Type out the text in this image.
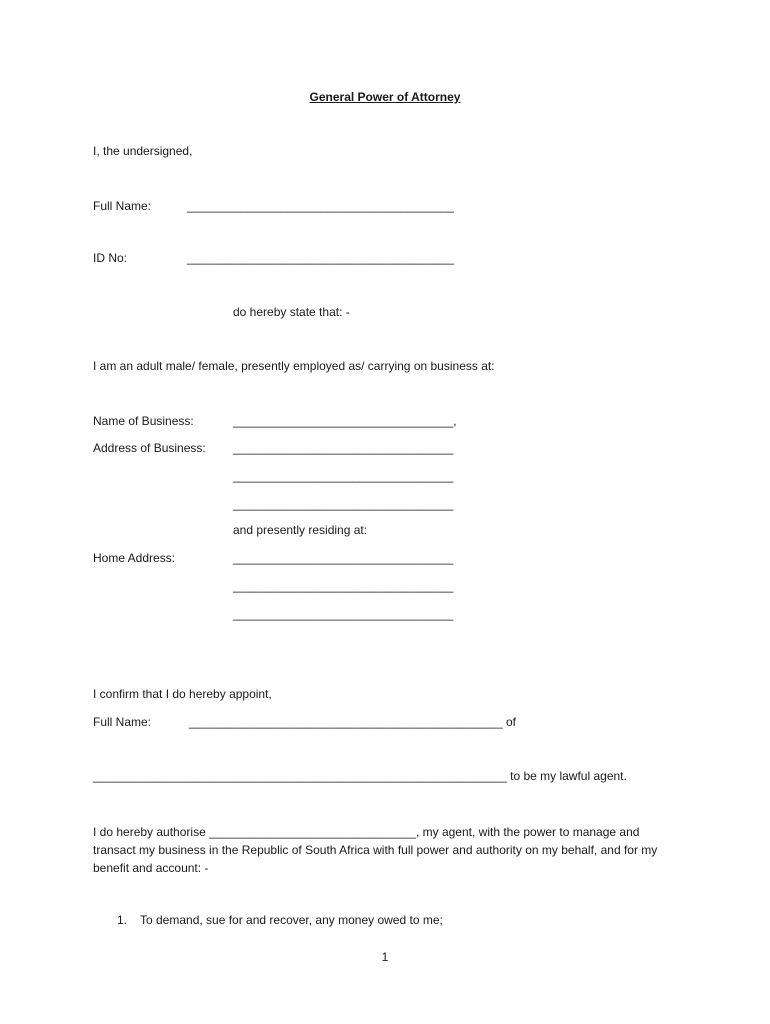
General Power of Attorney
I, the undersigned,
Full Name:	________________________________________
ID No:	________________________________________
do hereby state that: -
I am an adult male/ female, presently employed as/ carrying on business at:
Name of Business:	_________________________________,
Address of Business: _________________________________
_________________________________
_________________________________
and presently residing at:
Home Address:	_________________________________
_________________________________
_________________________________
I confirm that I do hereby appoint,
Full Name:	_______________________________________________ of
______________________________________________________________ to be my lawful agent.
I do hereby authorise _______________________________, my agent, with the power to manage and transact my business in the Republic of South Africa with full power and authority on my behalf, and for my benefit and account: -
1. To demand, sue for and recover, any money owed to me;
1
